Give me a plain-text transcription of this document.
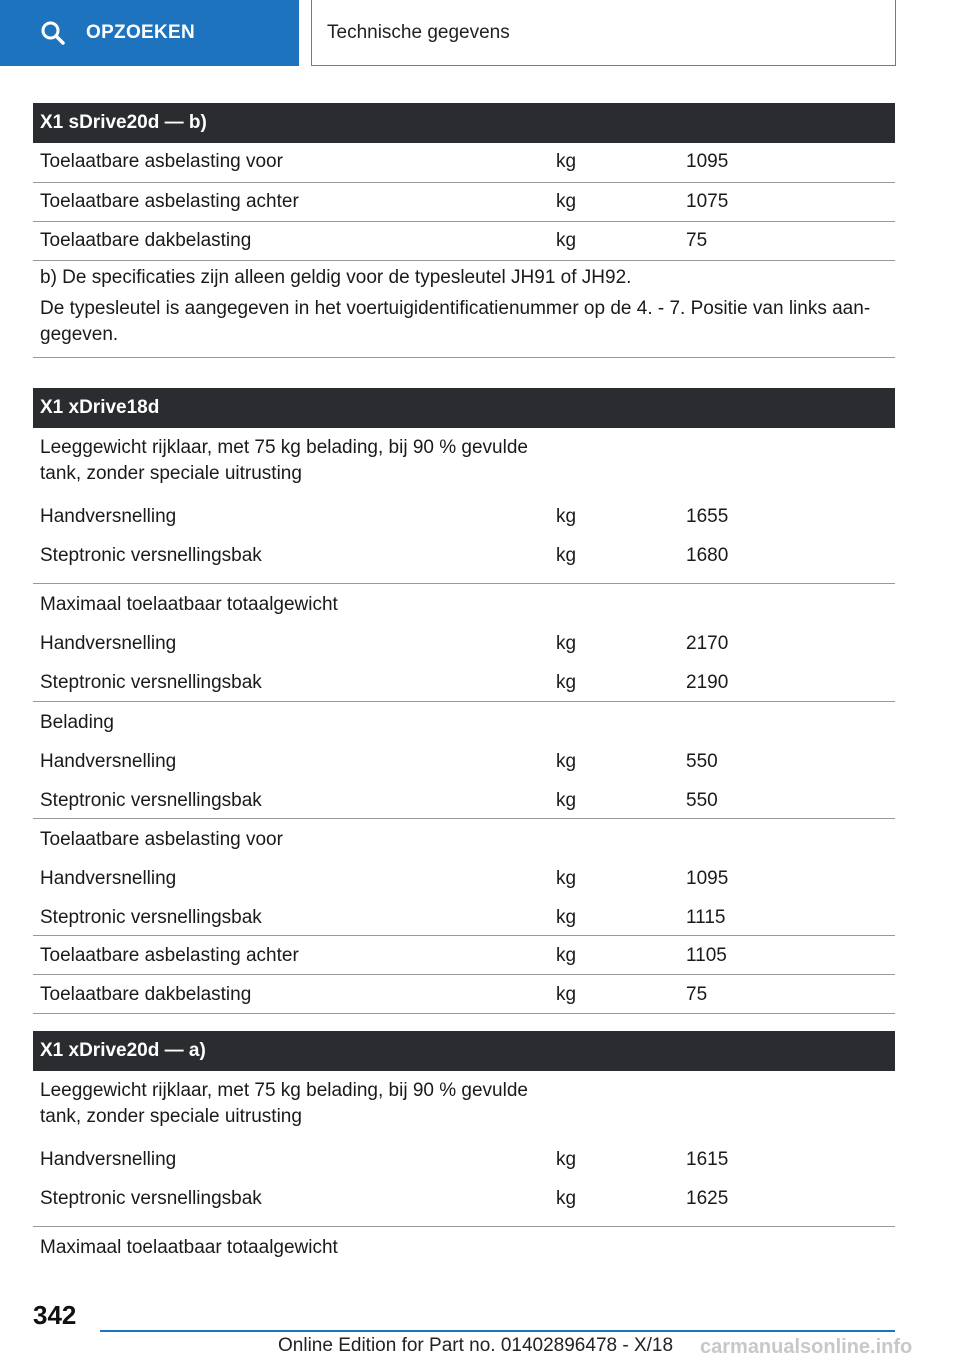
OPZOEKEN	Technische gegevens
X1 sDrive20d — b)
Toelaatbare asbelasting voor	kg	1095
Toelaatbare asbelasting achter	kg	1075
Toelaatbare dakbelasting	kg	75
b) De specificaties zijn alleen geldig voor de typesleutel JH91 of JH92.
De typesleutel is aangegeven in het voertuigidentificatienummer op de 4. - 7. Positie van links aan-
gegeven.
X1 xDrive18d
Leeggewicht rijklaar, met 75 kg belading, bij 90 % gevulde
tank, zonder speciale uitrusting
Handversnelling	kg	1655
Steptronic versnellingsbak	kg	1680
Maximaal toelaatbaar totaalgewicht
Handversnelling	kg	2170
Steptronic versnellingsbak	kg	2190
Belading
Handversnelling	kg	550
Steptronic versnellingsbak	kg	550
Toelaatbare asbelasting voor
Handversnelling	kg	1095
Steptronic versnellingsbak	kg	1115
Toelaatbare asbelasting achter	kg	1105
Toelaatbare dakbelasting	kg	75
X1 xDrive20d — a)
Leeggewicht rijklaar, met 75 kg belading, bij 90 % gevulde
tank, zonder speciale uitrusting
Handversnelling	kg	1615
Steptronic versnellingsbak	kg	1625
Maximaal toelaatbaar totaalgewicht
342
Online Edition for Part no. 01402896478 - X/18 carmanualsonline.info
